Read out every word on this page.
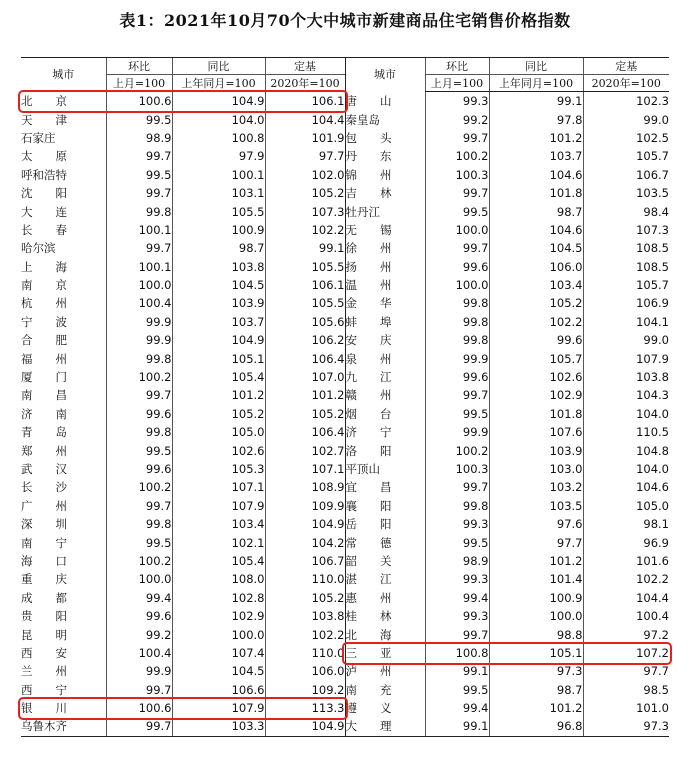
表1：2021年10月70个大中城市新建商品住宅销售价格指数
城市	环比	同比	定基	城市	环比	同比	定基
	上月=100	上年同月=100	2020年=100		上月=100	上年同月=100	2020年=100
北　　京	100.6	104.9	106.1	唐　　山	99.3	99.1	102.3
天　　津	99.5	104.0	104.4	秦皇岛	99.2	97.8	99.0
石家庄	98.9	100.8	101.9	包　　头	99.7	101.2	102.5
太　　原	99.7	97.9	97.7	丹　　东	100.2	103.7	105.7
呼和浩特	99.5	100.1	102.0	锦　　州	100.3	104.6	106.7
沈　　阳	99.7	103.1	105.2	吉　　林	99.7	101.8	103.5
大　　连	99.8	105.5	107.3	牡丹江	99.5	98.7	98.4
长　　春	100.1	100.9	102.2	无　　锡	100.0	104.6	107.3
哈尔滨	99.7	98.7	99.1	徐　　州	99.7	104.5	108.5
上　　海	100.1	103.8	105.5	扬　　州	99.6	106.0	108.5
南　　京	100.0	104.5	106.1	温　　州	100.0	103.4	105.7
杭　　州	100.4	103.9	105.5	金　　华	99.8	105.2	106.9
宁　　波	99.9	103.7	105.6	蚌　　埠	99.8	102.2	104.1
合　　肥	99.9	104.9	106.2	安　　庆	99.8	99.6	99.0
福　　州	99.8	105.1	106.4	泉　　州	99.9	105.7	107.9
厦　　门	100.2	105.4	107.0	九　　江	99.6	102.6	103.8
南　　昌	99.7	101.2	101.2	赣　　州	99.7	102.9	104.3
济　　南	99.6	105.2	105.2	烟　　台	99.5	101.8	104.0
青　　岛	99.8	105.0	106.4	济　　宁	99.9	107.6	110.5
郑　　州	99.5	102.6	102.7	洛　　阳	100.2	103.9	104.8
武　　汉	99.6	105.3	107.1	平顶山	100.3	103.0	104.0
长　　沙	100.2	107.1	108.9	宜　　昌	99.7	103.2	104.6
广　　州	99.7	107.9	109.9	襄　　阳	99.8	103.5	105.0
深　　圳	99.8	103.4	104.9	岳　　阳	99.3	97.6	98.1
南　　宁	99.5	102.1	104.2	常　　德	99.5	97.7	96.9
海　　口	100.2	105.4	106.7	韶　　关	98.9	101.2	101.6
重　　庆	100.0	108.0	110.0	湛　　江	99.3	101.4	102.2
成　　都	99.4	102.8	105.2	惠　　州	99.4	100.9	104.4
贵　　阳	99.6	102.9	103.8	桂　　林	99.3	100.0	100.4
昆　　明	99.2	100.0	102.2	北　　海	99.7	98.8	97.2
西　　安	100.4	107.4	110.0	三　　亚	100.8	105.1	107.2
兰　　州	99.9	104.5	106.0	泸　　州	99.1	97.3	97.7
西　　宁	99.7	106.6	109.2	南　　充	99.5	98.7	98.5
银　　川	100.6	107.9	113.3	遵　　义	99.4	101.2	101.0
乌鲁木齐	99.7	103.3	104.9	大　　理	99.1	96.8	97.3
